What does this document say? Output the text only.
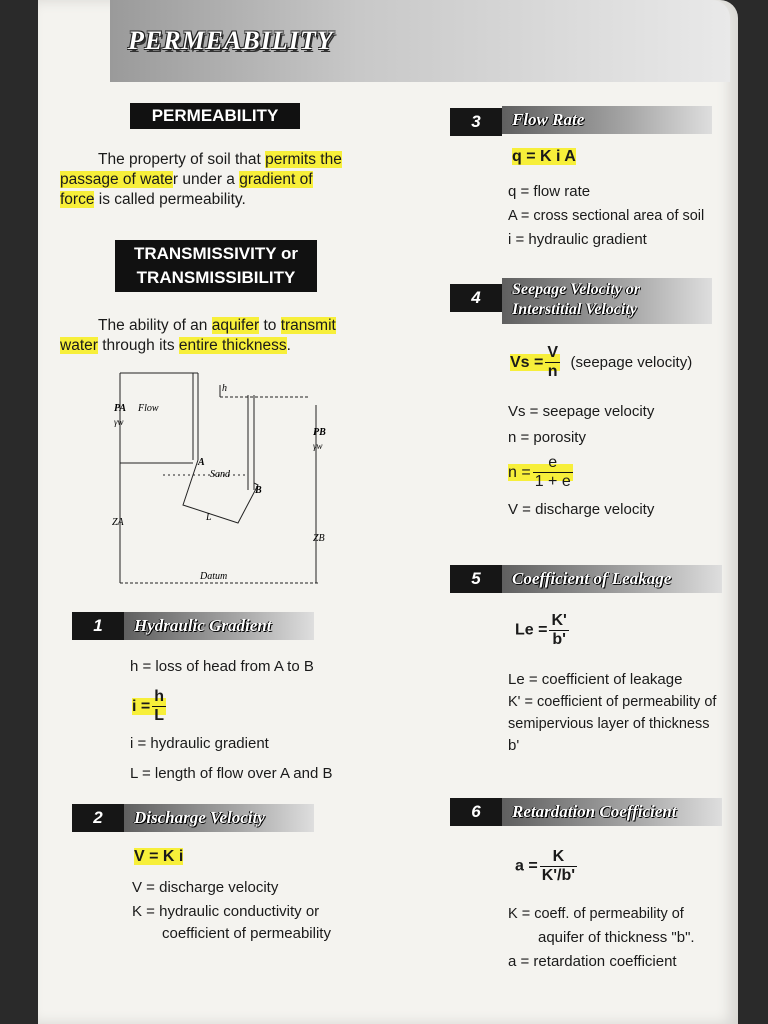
PERMEABILITY
PERMEABILITY
The property of soil that permits the
passage of water under a gradient of
force is called permeability.
TRANSMISSIVITY or
TRANSMISSIBILITY
The ability of an aquifer to transmit
water through its entire thickness.
Flow
PA
γw
Sand
A
B
L
h
PB
γw
ZA
ZB
Datum
1	Hydraulic Gradient
h = loss of head from A to B
$i = \frac{h}{L}$
i = hydraulic gradient
L = length of flow over A and B
2	Discharge Velocity
V = K i
V = discharge velocity
K = hydraulic conductivity or
coefficient of permeability
3	Flow Rate
q = K i A
q = flow rate
A = cross sectional area of soil
i = hydraulic gradient
4	Seepage Velocity or
Interstitial Velocity
$Vs = \frac{V}{n}$ (seepage velocity)
Vs = seepage velocity
n = porosity
$n = \frac{e}{1 + e}$
V = discharge velocity
5	Coefficient of Leakage
$Le = \frac{K'}{b'}$
Le = coefficient of leakage
K' = coefficient of permeability of
semipervious layer of thickness
b'
6	Retardation Coefficient
$a = \frac{K}{K'/b'}$
K = coeff. of permeability of
aquifer of thickness "b".
a = retardation coefficient
